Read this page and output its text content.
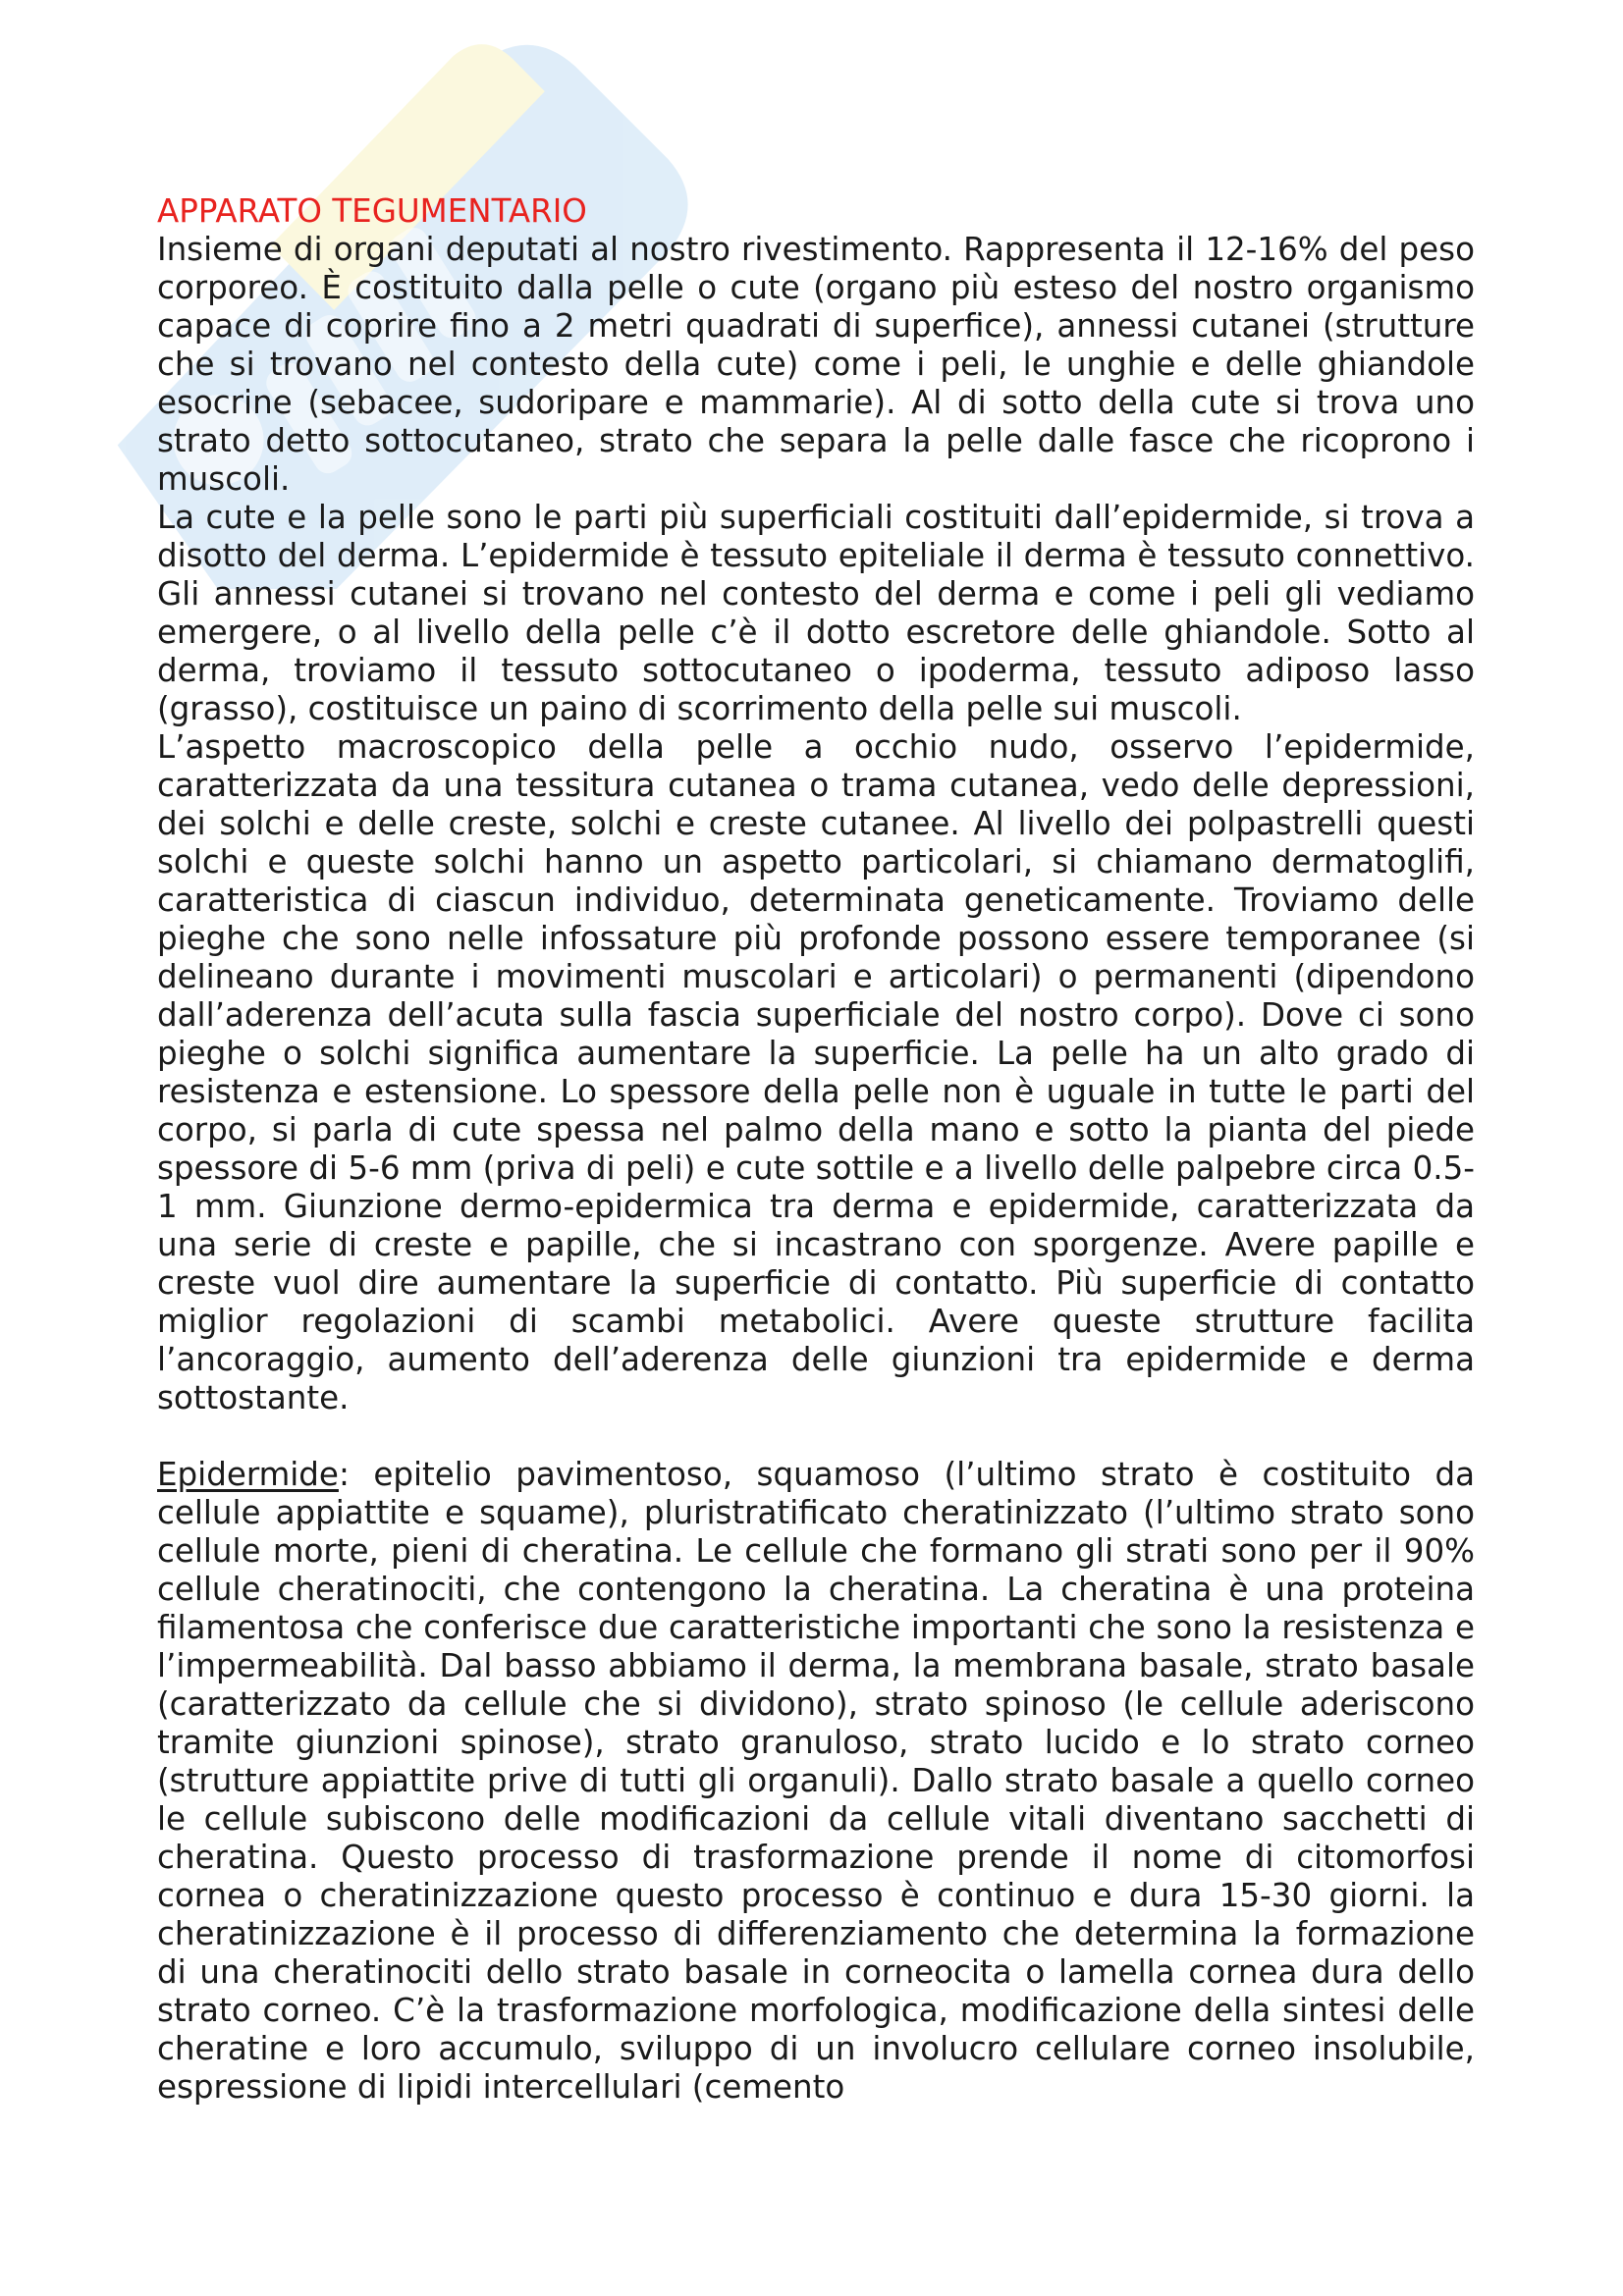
APPARATO TEGUMENTARIO

Insieme di organi deputati al nostro rivestimento. Rappresenta il 12-16% del peso corporeo. È costituito dalla pelle o cute (organo più esteso del nostro organismo capace di coprire fino a 2 metri quadrati di superfice), annessi cutanei (strutture che si trovano nel contesto della cute) come i peli, le unghie e delle ghiandole esocrine (sebacee, sudoripare e mammarie). Al di sotto della cute si trova uno strato detto sottocutaneo, strato che separa la pelle dalle fasce che ricoprono i muscoli.

La cute e la pelle sono le parti più superficiali costituiti dall’epidermide, si trova a disotto del derma. L’epidermide è tessuto epiteliale il derma è tessuto connettivo. Gli annessi cutanei si trovano nel contesto del derma e come i peli gli vediamo emergere, o al livello della pelle c’è il dotto escretore delle ghiandole. Sotto al derma, troviamo il tessuto sottocutaneo o ipoderma, tessuto adiposo lasso (grasso), costituisce un paino di scorrimento della pelle sui muscoli.

L’aspetto macroscopico della pelle a occhio nudo, osservo l’epidermide, caratterizzata da una tessitura cutanea o trama cutanea, vedo delle depressioni, dei solchi e delle creste, solchi e creste cutanee. Al livello dei polpastrelli questi solchi e queste solchi hanno un aspetto particolari, si chiamano dermatoglifi, caratteristica di ciascun individuo, determinata geneticamente. Troviamo delle pieghe che sono nelle infossature più profonde possono essere temporanee (si delineano durante i movimenti muscolari e articolari) o permanenti (dipendono dall’aderenza dell’acuta sulla fascia superficiale del nostro corpo). Dove ci sono pieghe o solchi significa aumentare la superficie. La pelle ha un alto grado di resistenza e estensione. Lo spessore della pelle non è uguale in tutte le parti del corpo, si parla di cute spessa nel palmo della mano e sotto la pianta del piede spessore di 5-6 mm (priva di peli) e cute sottile e a livello delle palpebre circa 0.5-1 mm. Giunzione dermo-epidermica tra derma e epidermide, caratterizzata da una serie di creste e papille, che si incastrano con sporgenze. Avere papille e creste vuol dire aumentare la superficie di contatto. Più superficie di contatto miglior regolazioni di scambi metabolici. Avere queste strutture facilita l’ancoraggio, aumento dell’aderenza delle giunzioni tra epidermide e derma sottostante.

Epidermide: epitelio pavimentoso, squamoso (l’ultimo strato è costituito da cellule appiattite e squame), pluristratificato cheratinizzato (l’ultimo strato sono cellule morte, pieni di cheratina. Le cellule che formano gli strati sono per il 90% cellule cheratinociti, che contengono la cheratina. La cheratina è una proteina filamentosa che conferisce due caratteristiche importanti che sono la resistenza e l’impermeabilità. Dal basso abbiamo il derma, la membrana basale, strato basale (caratterizzato da cellule che si dividono), strato spinoso (le cellule aderiscono tramite giunzioni spinose), strato granuloso, strato lucido e lo strato corneo (strutture appiattite prive di tutti gli organuli). Dallo strato basale a quello corneo le cellule subiscono delle modificazioni da cellule vitali diventano sacchetti di cheratina. Questo processo di trasformazione prende il nome di citomorfosi cornea o cheratinizzazione questo processo è continuo e dura 15-30 giorni. la cheratinizzazione è il processo di differenziamento che determina la formazione di una cheratinociti dello strato basale in corneocita o lamella cornea dura dello strato corneo. C’è la trasformazione morfologica, modificazione della sintesi delle cheratine e loro accumulo, sviluppo di un involucro cellulare corneo insolubile, espressione di lipidi intercellulari (cemento
